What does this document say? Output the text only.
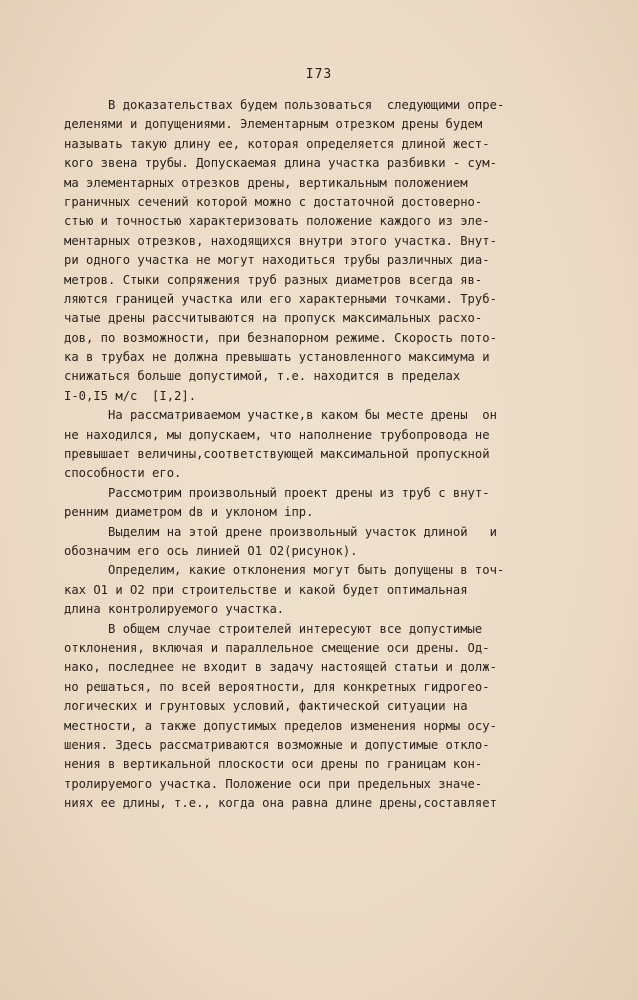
I73
В доказательствах будем пользоваться  следующими опре-
деленями и допущениями. Элементарным отрезком дрены будем
называть такую длину ее, которая определяется длиной жест-
кого звена трубы. Допускаемая длина участка разбивки - сум-
ма элементарных отрезков дрены, вертикальным положением
граничных сечений которой можно с достаточной достоверно-
стью и точностью характеризовать положение каждого из эле-
ментарных отрезков, находящихся внутри этого участка. Внут-
ри одного участка не могут находиться трубы различных диа-
метров. Стыки сопряжения труб разных диаметров всегда яв-
ляются границей участка или его характерными точками. Труб-
чатые дрены рассчитываются на пропуск максимальных расхо-
дов, по возможности, при безнапорном режиме. Скорость пото-
ка в трубах не должна превышать установленного максимума и
снижаться больше допустимой, т.е. находится в пределах
I-0,I5 м/с  [I,2].
На рассматриваемом участке,в каком бы месте дрены  он
не находился, мы допускаем, что наполнение трубопровода не
превышает величины,соответствующей максимальной пропускной
способности его.
Рассмотрим произвольный проект дрены из труб с внут-
ренним диаметром dв и уклоном iпр.
Выделим на этой дрене произвольный участок длиной   и
обозначим его ось линией O1 O2(рисунок).
Определим, какие отклонения могут быть допущены в точ-
ках O1 и O2 при строительстве и какой будет оптимальная
длина контролируемого участка.
В общем случае строителей интересуют все допустимые
отклонения, включая и параллельное смещение оси дрены. Од-
нако, последнее не входит в задачу настоящей статьи и долж-
но решаться, по всей вероятности, для конкретных гидрогео-
логических и грунтовых условий, фактической ситуации на
местности, а также допустимых пределов изменения нормы осу-
шения. Здесь рассматриваются возможные и допустимые откло-
нения в вертикальной плоскости оси дрены по границам кон-
тролируемого участка. Положение оси при предельных значе-
ниях ее длины, т.е., когда она равна длине дрены,составляет
